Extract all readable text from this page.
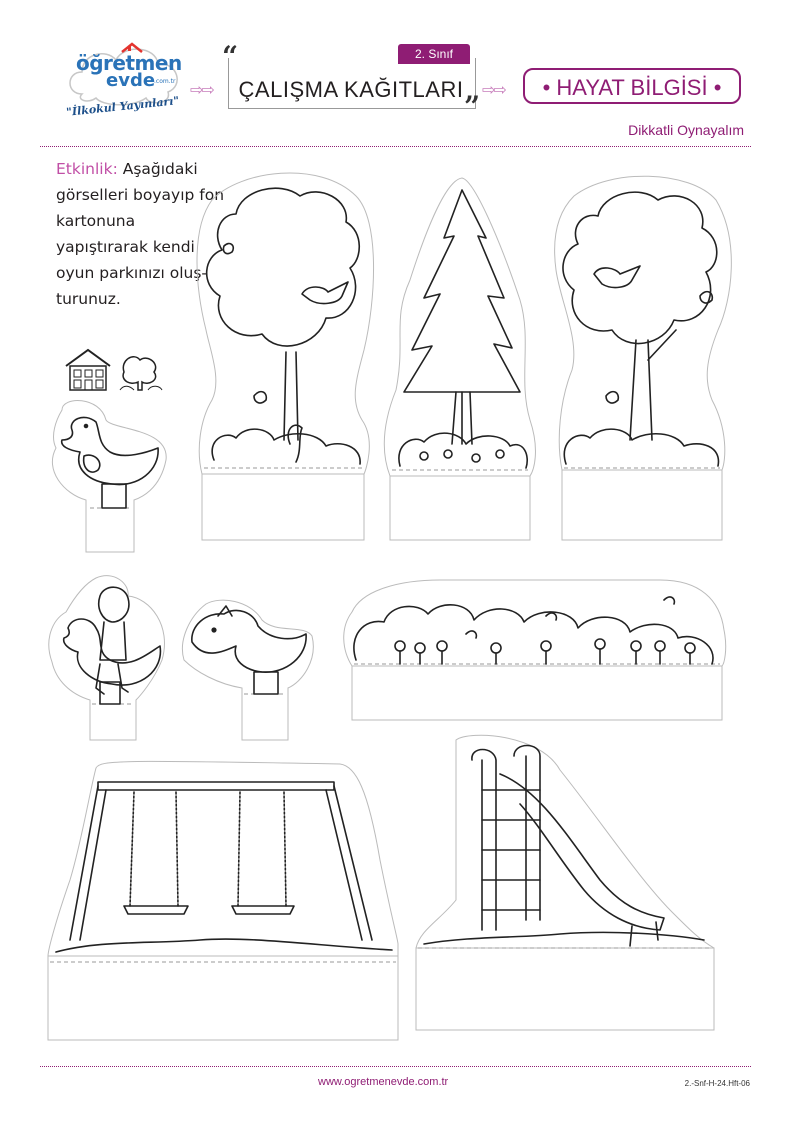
öğretmen
evde
.com.tr
"İlkokul Yayınları"
⇨⇨
“	2. Sınıf
ÇALIŞMA KAĞITLARI
”
⇨⇨	• HAYAT BİLGİSİ •
Dikkatli Oynayalım
Etkinlik: Aşağıdaki görselleri boyayıp fon kartonuna yapıştırarak kendi oyun parkınızı oluş- turunuz.
www.ogretmenevde.com.tr	2.-Snf-H-24.Hft-06
